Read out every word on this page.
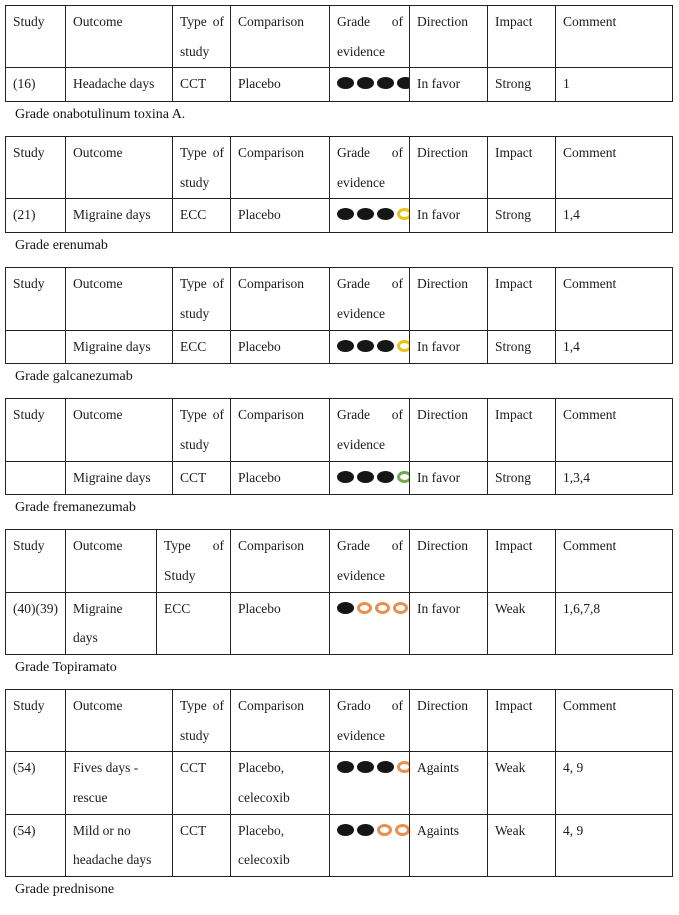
Study	Outcome	Type of study	Comparison	Grade of evidence	Direction	Impact	Comment
(16)	Headache days	CCT	Placebo		In favor	Strong	1
Grade onabotulinum toxina A.
Study	Outcome	Type of study	Comparison	Grade of evidence	Direction	Impact	Comment
(21)	Migraine days	ECC	Placebo		In favor	Strong	1,4
Grade erenumab
Study	Outcome	Type of study	Comparison	Grade of evidence	Direction	Impact	Comment
	Migraine days	ECC	Placebo		In favor	Strong	1,4
Grade galcanezumab
Study	Outcome	Type of study	Comparison	Grade of evidence	Direction	Impact	Comment
	Migraine days	CCT	Placebo		In favor	Strong	1,3,4
Grade fremanezumab
Study	Outcome	Type of Study	Comparison	Grade of evidence	Direction	Impact	Comment
(40)(39)	Migraine days	ECC	Placebo		In favor	Weak	1,6,7,8
Grade Topiramato
Study	Outcome	Type of study	Comparison	Grado of evidence	Direction	Impact	Comment
(54)	Fives days - rescue	CCT	Placebo, celecoxib		Againts	Weak	4, 9
(54)	Mild or no headache days	CCT	Placebo, celecoxib		Againts	Weak	4, 9
Grade prednisone
